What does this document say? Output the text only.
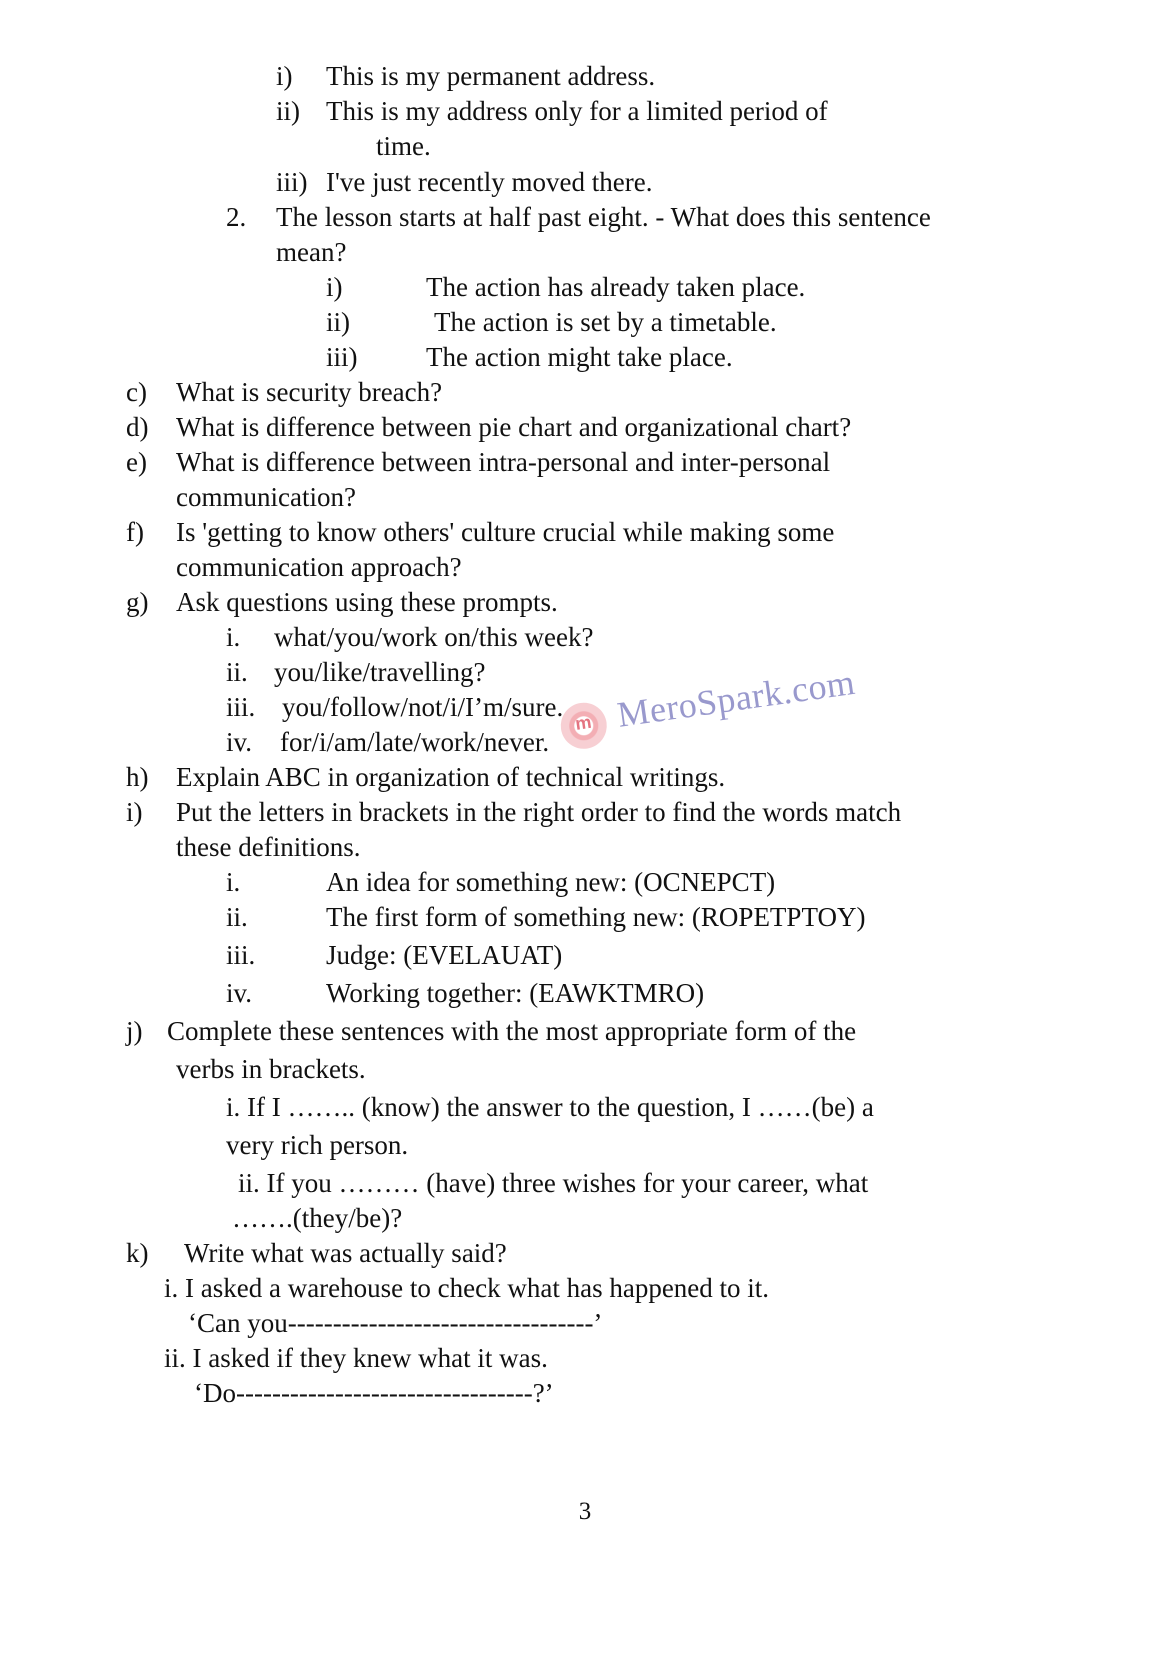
i) This is my permanent address.
ii) This is my address only for a limited period of
time.
iii) I've just recently moved there.
2. The lesson starts at half past eight. - What does this sentence
mean?
i)	The action has already taken place.
ii)	The action is set by a timetable.
iii)	The action might take place.
c) What is security breach?
d) What is difference between pie chart and organizational chart?
e) What is difference between intra-personal and inter-personal
communication?
f) Is 'getting to know others' culture crucial while making some
communication approach?
g) Ask questions using these prompts.
i. what/you/work on/this week?
ii. you/like/travelling?
iii. you/follow/not/i/I’m/sure.
iv. for/i/am/late/work/never.
h) Explain ABC in organization of technical writings.
i) Put the letters in brackets in the right order to find the words match
these definitions.
i.	An idea for something new: (OCNEPCT)
ii.	The first form of something new: (ROPETPTOY)
iii.	Judge: (EVELAUAT)
iv.	Working together: (EAWKTMRO)
j) Complete these sentences with the most appropriate form of the
verbs in brackets.
i. If I …….. (know) the answer to the question, I ……(be) a
very rich person.
ii. If you ……… (have) three wishes for your career, what
…….(they/be)?
k) Write what was actually said?
i. I asked a warehouse to check what has happened to it.
‘Can you----------------------------------’
ii. I asked if they knew what it was.
‘Do---------------------------------?’
m MeroSpark.com
3
